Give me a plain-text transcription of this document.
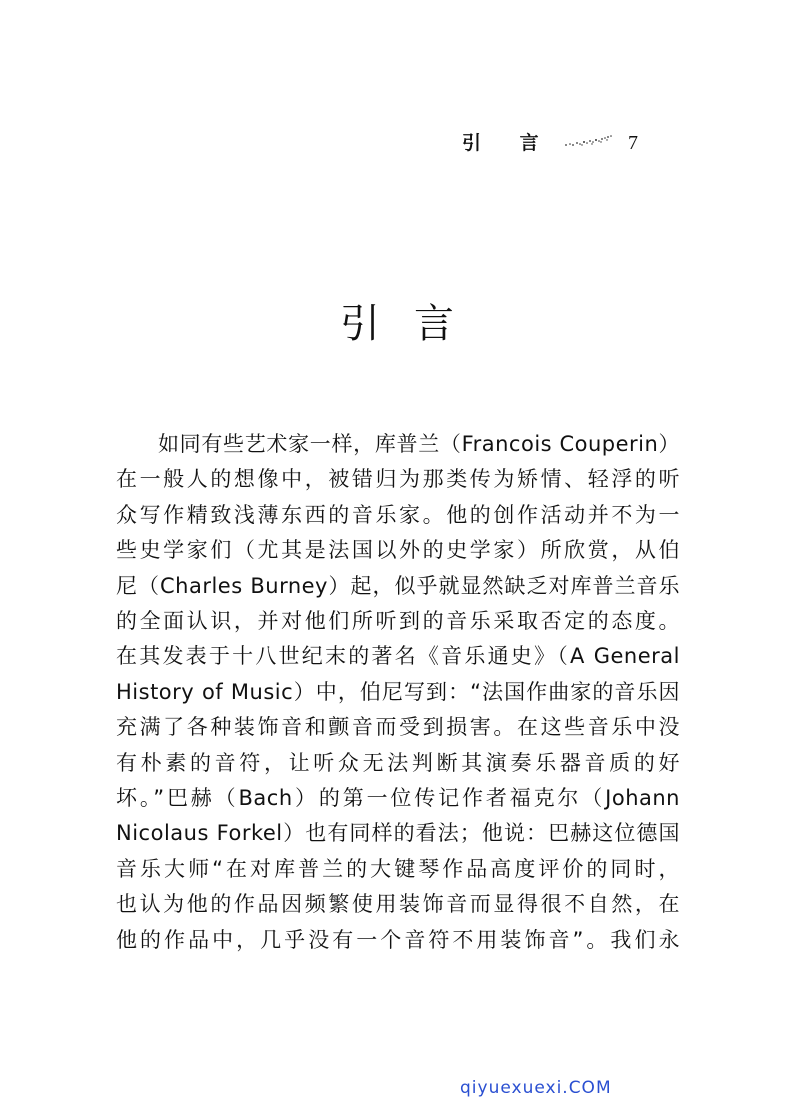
引 言	7
引言
如同有些艺术家一样，库普兰（Francois Couperin）
在一般人的想像中，被错归为那类传为矫情、轻浮的听
众写作精致浅薄东西的音乐家。他的创作活动并不为一
些史学家们（尤其是法国以外的史学家）所欣赏，从伯
尼（Charles Burney）起，似乎就显然缺乏对库普兰音乐
的全面认识，并对他们所听到的音乐采取否定的态度。
在其发表于十八世纪末的著名《音乐通史》（A General
History of Music）中，伯尼写到：“法国作曲家的音乐因
充满了各种装饰音和颤音而受到损害。在这些音乐中没
有朴素的音符，让听众无法判断其演奏乐器音质的好
坏。”巴赫（Bach）的第一位传记作者福克尔（Johann
Nicolaus Forkel）也有同样的看法；他说：巴赫这位德国
音乐大师“在对库普兰的大键琴作品高度评价的同时，
也认为他的作品因频繁使用装饰音而显得很不自然，在
他的作品中，几乎没有一个音符不用装饰音”。我们永
qiyuexuexi.COM
